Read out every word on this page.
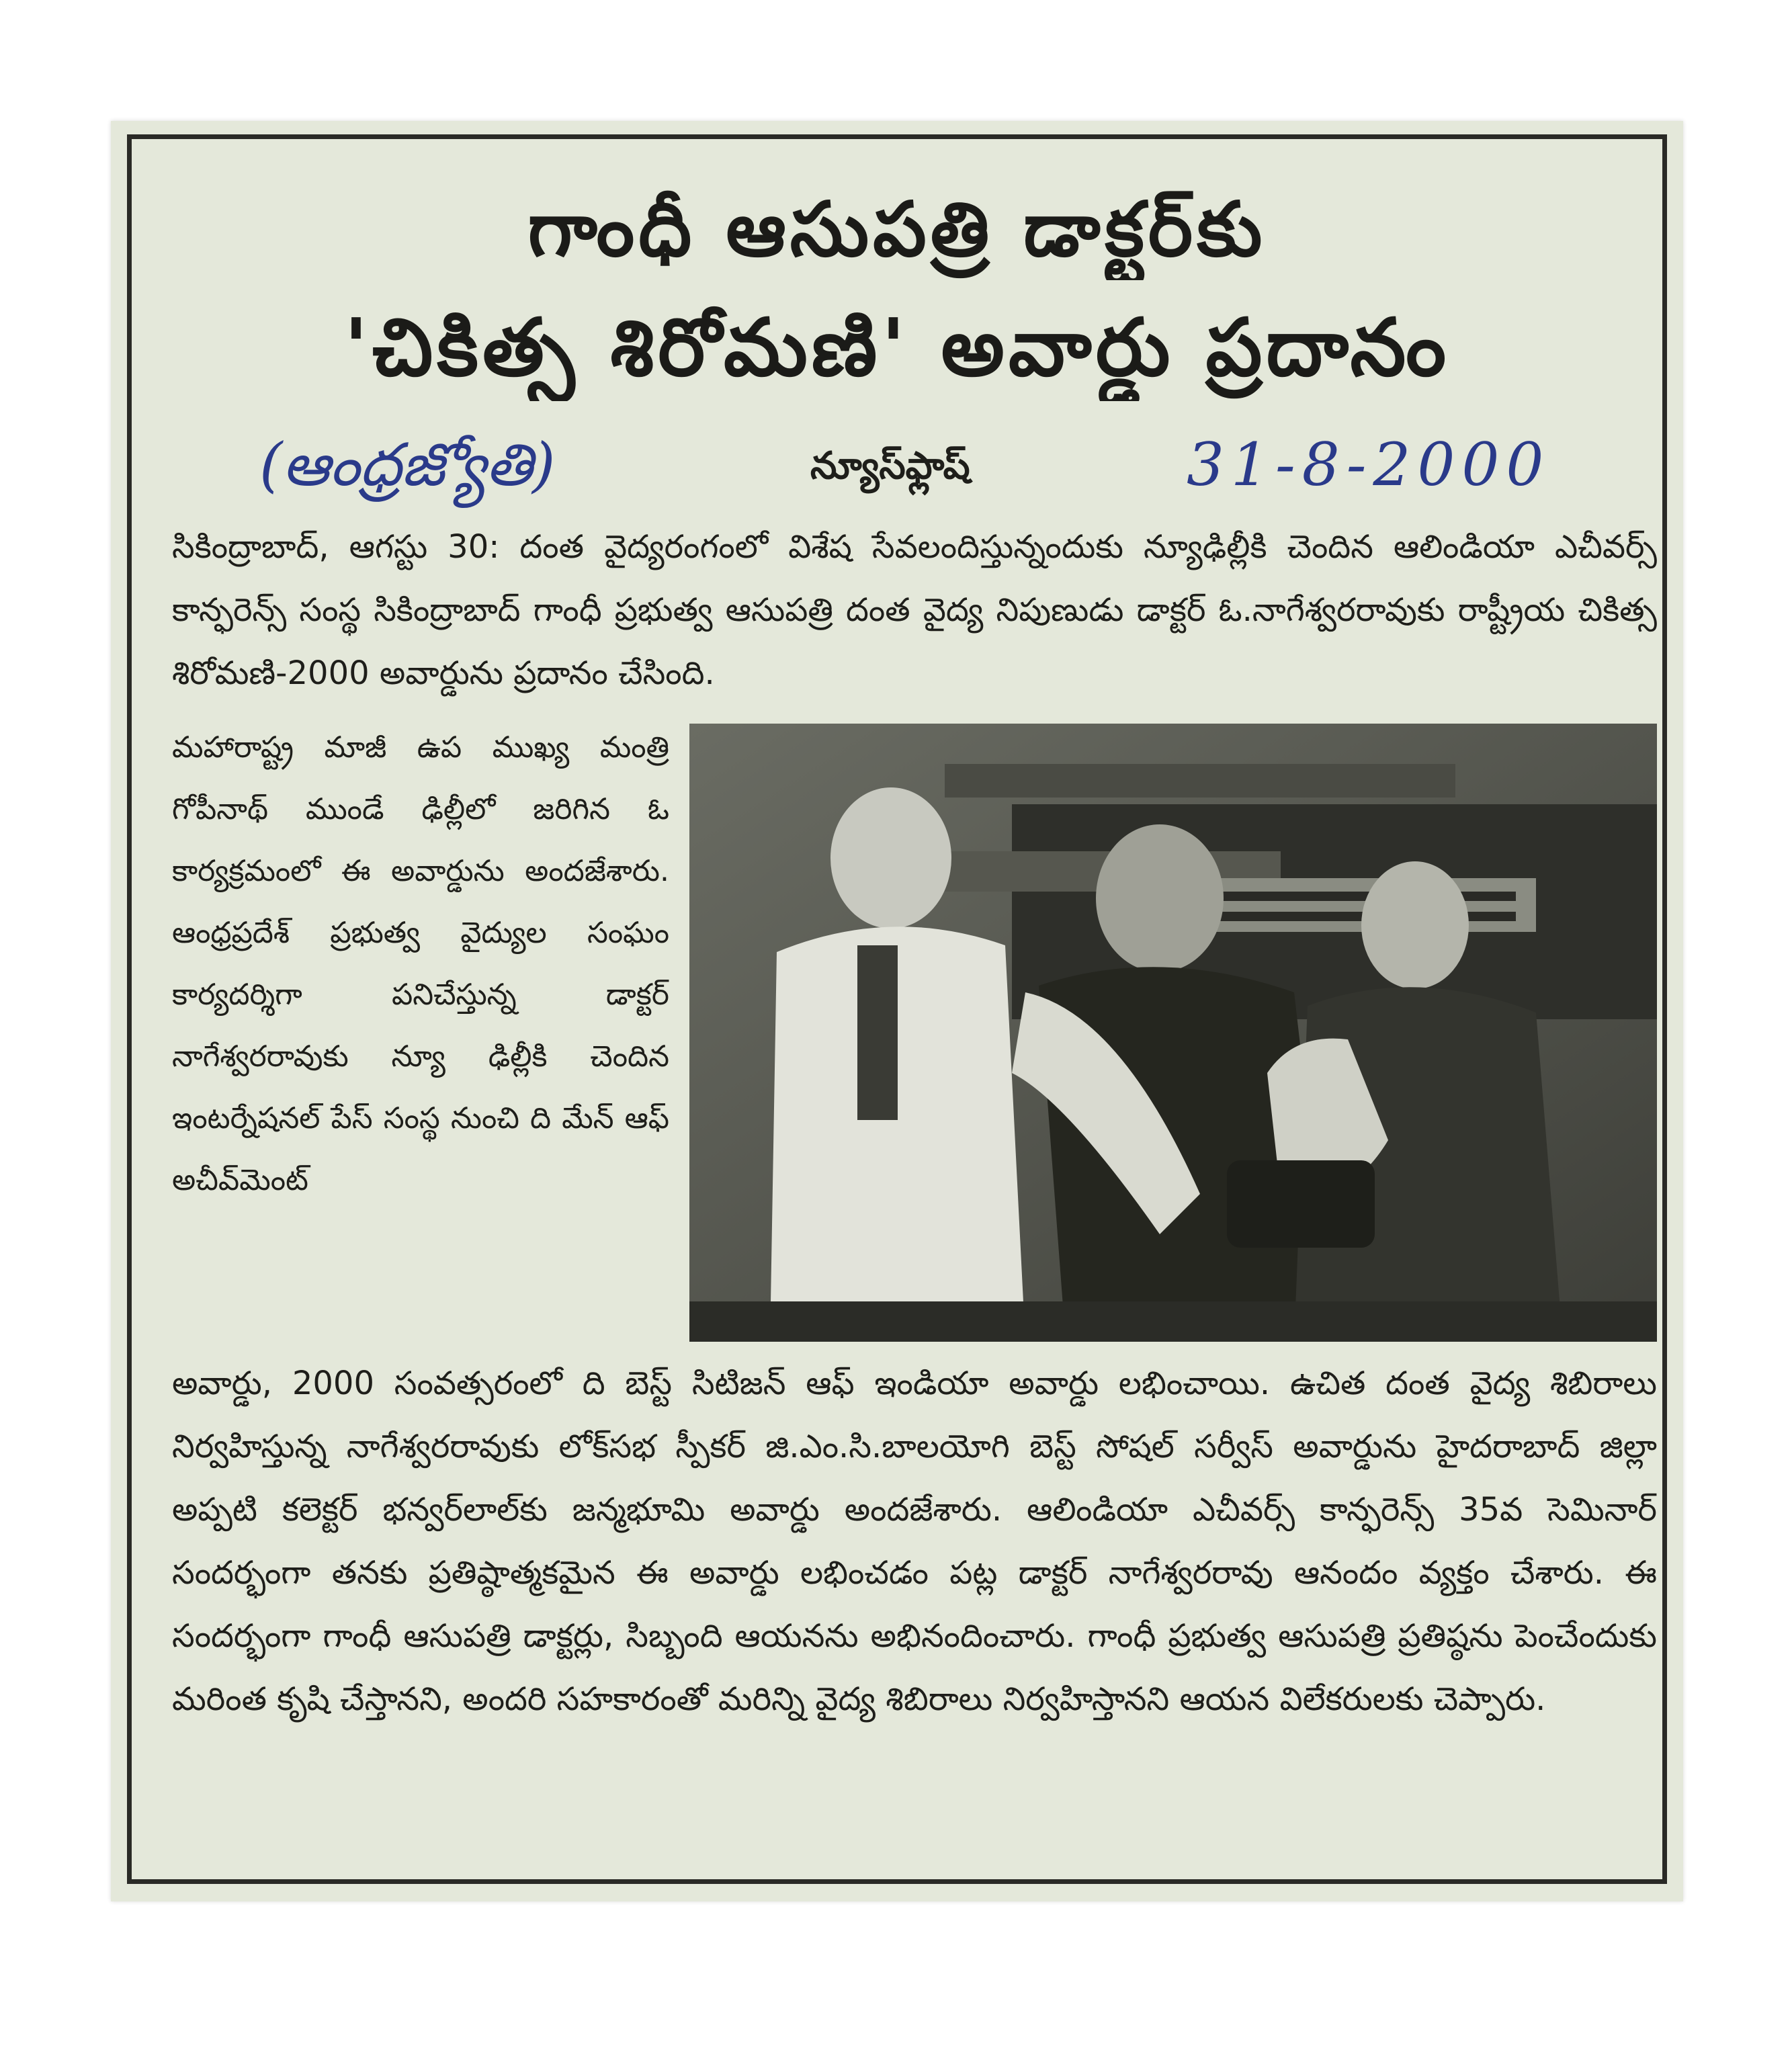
గాంధీ ఆసుపత్రి డాక్టర్‌కు
'చికిత్స శిరోమణి' అవార్డు ప్రదానం
(ఆంధ్రజ్యోతి)	న్యూస్‌ఫ్లాష్	31-8-2000
సికింద్రాబాద్, ఆగస్టు 30: దంత వైద్యరంగంలో విశేష సేవలందిస్తున్నందుకు న్యూఢిల్లీకి చెందిన ఆలిండియా ఎచీవర్స్ కాన్ఫరెన్స్ సంస్థ సికింద్రాబాద్ గాంధీ ప్రభుత్వ ఆసుపత్రి దంత వైద్య నిపుణుడు డాక్టర్ ఓ.నాగేశ్వరరావుకు రాష్ట్రీయ చికిత్స శిరోమణి-2000 అవార్డును ప్రదానం చేసింది.
మహారాష్ట్ర మాజీ ఉప ముఖ్య మంత్రి గోపీనాథ్ ముండే ఢిల్లీలో జరిగిన ఓ కార్యక్రమంలో ఈ అవార్డును అందజేశారు. ఆంధ్రప్రదేశ్ ప్రభుత్వ వైద్యుల సంఘం కార్యదర్శిగా పనిచేస్తున్న డాక్టర్ నాగేశ్వరరావుకు న్యూ ఢిల్లీకి చెందిన ఇంటర్నేషనల్ పేస్ సంస్థ నుంచి ది మేన్ ఆఫ్ అచీవ్‌మెంట్
అవార్డు, 2000 సంవత్సరంలో ది బెస్ట్ సిటిజన్ ఆఫ్ ఇండియా అవార్డు లభించాయి. ఉచిత దంత వైద్య శిబిరాలు నిర్వహిస్తున్న నాగేశ్వరరావుకు లోక్‌సభ స్పీకర్ జి.ఎం.సి.బాలయోగి బెస్ట్ సోషల్ సర్వీస్ అవార్డును హైదరాబాద్ జిల్లా అప్పటి కలెక్టర్ భన్వర్‌లాల్‌కు జన్మభూమి అవార్డు అందజేశారు. ఆలిండియా ఎచీవర్స్ కాన్ఫరెన్స్ 35వ సెమినార్ సందర్భంగా తనకు ప్రతిష్ఠాత్మకమైన ఈ అవార్డు లభించడం పట్ల డాక్టర్ నాగేశ్వరరావు ఆనందం వ్యక్తం చేశారు. ఈ సందర్భంగా గాంధీ ఆసుపత్రి డాక్టర్లు, సిబ్బంది ఆయనను అభినందించారు. గాంధీ ప్రభుత్వ ఆసుపత్రి ప్రతిష్ఠను పెంచేందుకు మరింత కృషి చేస్తానని, అందరి సహకారంతో మరిన్ని వైద్య శిబిరాలు నిర్వహిస్తానని ఆయన విలేకరులకు చెప్పారు.
